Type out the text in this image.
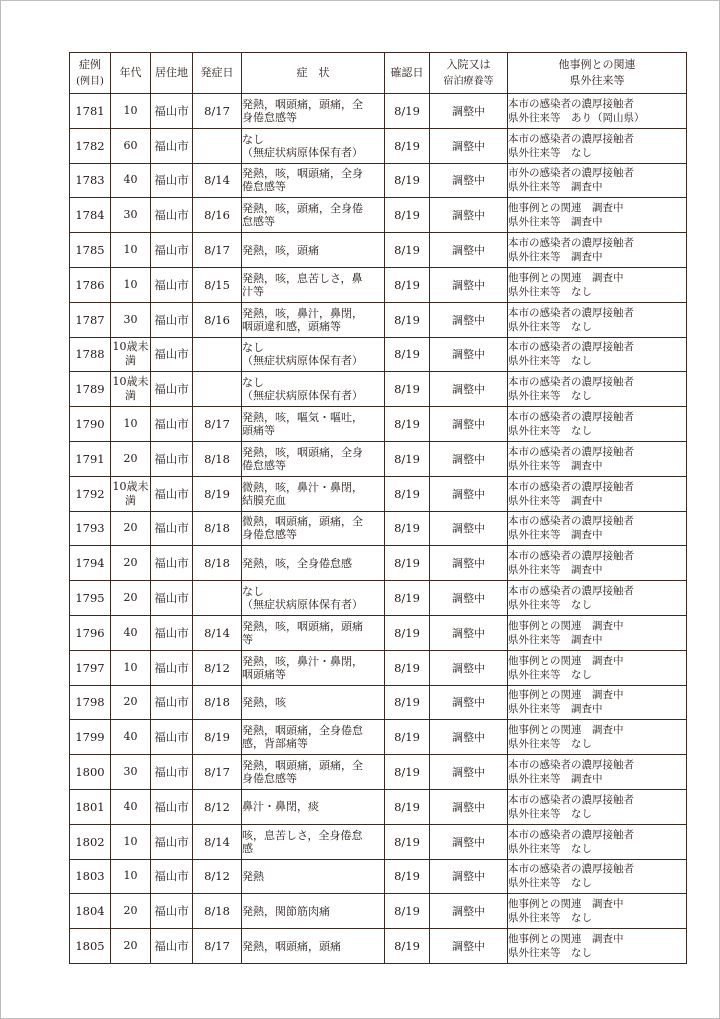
症例
(例目)	年代	居住地	発症日	症　状	確認日	入院又は
宿泊療養等	他事例との関連
県外往来等
1781	10	福山市	8/17	発熱，咽頭痛，頭痛，全
身倦怠感等	8/19	調整中	本市の感染者の濃厚接触者
県外往来等　あり（岡山県）

1782	60	福山市		なし
（無症状病原体保有者）	8/19	調整中	本市の感染者の濃厚接触者
県外往来等　なし

1783	40	福山市	8/14	発熱，咳，咽頭痛，全身
倦怠感等	8/19	調整中	市外の感染者の濃厚接触者
県外往来等　調査中

1784	30	福山市	8/16	発熱，咳，頭痛，全身倦
怠感等	8/19	調整中	他事例との関連　調査中
県外往来等　調査中

1785	10	福山市	8/17	発熱，咳，頭痛	8/19	調整中	本市の感染者の濃厚接触者
県外往来等　調査中

1786	10	福山市	8/15	発熱，咳，息苦しさ，鼻
汁等	8/19	調整中	他事例との関連　調査中
県外往来等　なし

1787	30	福山市	8/16	発熱，咳，鼻汁，鼻閉，
咽頭違和感，頭痛等	8/19	調整中	本市の感染者の濃厚接触者
県外往来等　なし

1788	10歳未満	福山市		なし
（無症状病原体保有者）	8/19	調整中	本市の感染者の濃厚接触者
県外往来等　なし

1789	10歳未満	福山市		なし
（無症状病原体保有者）	8/19	調整中	本市の感染者の濃厚接触者
県外往来等　なし

1790	10	福山市	8/17	発熱，咳，嘔気・嘔吐，
頭痛等	8/19	調整中	本市の感染者の濃厚接触者
県外往来等　なし

1791	20	福山市	8/18	発熱，咳，咽頭痛，全身
倦怠感等	8/19	調整中	本市の感染者の濃厚接触者
県外往来等　調査中

1792	10歳未満	福山市	8/19	微熱，咳，鼻汁・鼻閉，
結膜充血	8/19	調整中	本市の感染者の濃厚接触者
県外往来等　調査中

1793	20	福山市	8/18	微熱，咽頭痛，頭痛，全
身倦怠感等	8/19	調整中	本市の感染者の濃厚接触者
県外往来等　調査中

1794	20	福山市	8/18	発熱，咳，全身倦怠感	8/19	調整中	本市の感染者の濃厚接触者
県外往来等　調査中

1795	20	福山市		なし
（無症状病原体保有者）	8/19	調整中	本市の感染者の濃厚接触者
県外往来等　なし

1796	40	福山市	8/14	発熱，咳，咽頭痛，頭痛
等	8/19	調整中	他事例との関連　調査中
県外往来等　調査中

1797	10	福山市	8/12	発熱，咳，鼻汁・鼻閉，
咽頭痛等	8/19	調整中	他事例との関連　調査中
県外往来等　なし

1798	20	福山市	8/18	発熱，咳	8/19	調整中	他事例との関連　調査中
県外往来等　調査中

1799	40	福山市	8/19	発熱，咽頭痛，全身倦怠
感，背部痛等	8/19	調整中	他事例との関連　調査中
県外往来等　なし

1800	30	福山市	8/17	発熱，咽頭痛，頭痛，全
身倦怠感等	8/19	調整中	本市の感染者の濃厚接触者
県外往来等　調査中

1801	40	福山市	8/12	鼻汁・鼻閉，痰	8/19	調整中	本市の感染者の濃厚接触者
県外往来等　なし

1802	10	福山市	8/14	咳，息苦しさ，全身倦怠
感	8/19	調整中	本市の感染者の濃厚接触者
県外往来等　なし

1803	10	福山市	8/12	発熱	8/19	調整中	本市の感染者の濃厚接触者
県外往来等　なし

1804	20	福山市	8/18	発熱，関節筋肉痛	8/19	調整中	他事例との関連　調査中
県外往来等　なし

1805	20	福山市	8/17	発熱，咽頭痛，頭痛	8/19	調整中	他事例との関連　調査中
県外往来等　なし
